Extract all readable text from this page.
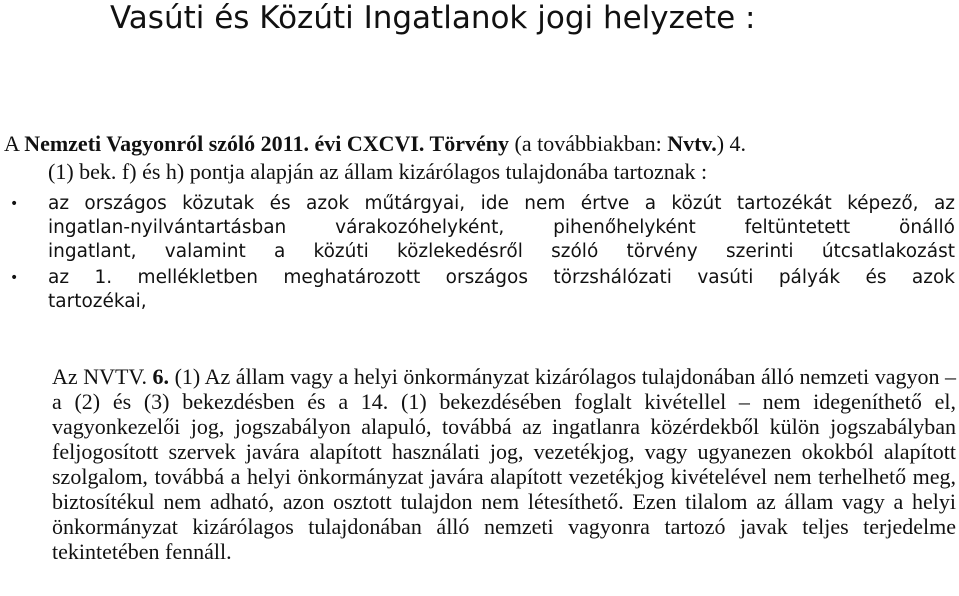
Vasúti és Közúti Ingatlanok jogi helyzete :
A Nemzeti Vagyonról szóló 2011. évi CXCVI. Törvény (a továbbiakban: Nvtv.) 4.
(1) bek. f) és h) pontja alapján az állam kizárólagos tulajdonába tartoznak :
• az országos közutak és azok műtárgyai, ide nem értve a közút tartozékát képező, az
ingatlan-nyilvántartásban várakozóhelyként, pihenőhelyként feltüntetett önálló
ingatlant, valamint a közúti közlekedésről szóló törvény szerinti útcsatlakozást
• az 1. mellékletben meghatározott országos törzshálózati vasúti pályák és azok
tartozékai,
Az NVTV. 6. (1) Az állam vagy a helyi önkormányzat kizárólagos tulajdonában álló nemzeti vagyon – a (2) és (3) bekezdésben és a 14. (1) bekezdésében foglalt kivétellel – nem idegeníthető el, vagyonkezelői jog, jogszabályon alapuló, továbbá az ingatlanra közérdekből külön jogszabályban feljogosított szervek javára alapított használati jog, vezetékjog, vagy ugyanezen okokból alapított szolgalom, továbbá a helyi önkormányzat javára alapított vezetékjog kivételével nem terhelhető meg, biztosítékul nem adható, azon osztott tulajdon nem létesíthető. Ezen tilalom az állam vagy a helyi önkormányzat kizárólagos tulajdonában álló nemzeti vagyonra tartozó javak teljes terjedelme tekintetében fennáll.
